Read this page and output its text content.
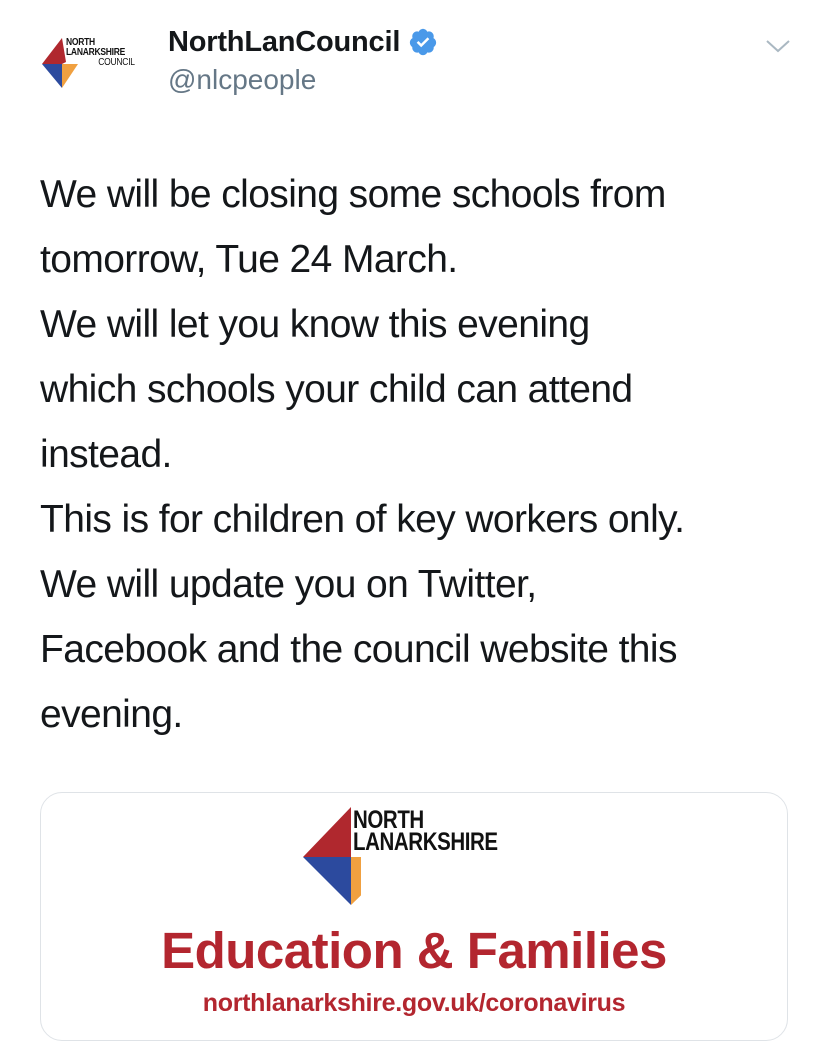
NORTH
LANARKSHIRE
COUNCIL
NorthLanCouncil
@nlcpeople
We will be closing some schools from
tomorrow, Tue 24 March.
We will let you know this evening
which schools your child can attend
instead.
This is for children of key workers only.
We will update you on Twitter,
Facebook and the council website this
evening.
NORTH
LANARKSHIRE
Education & Families
northlanarkshire.gov.uk/coronavirus
